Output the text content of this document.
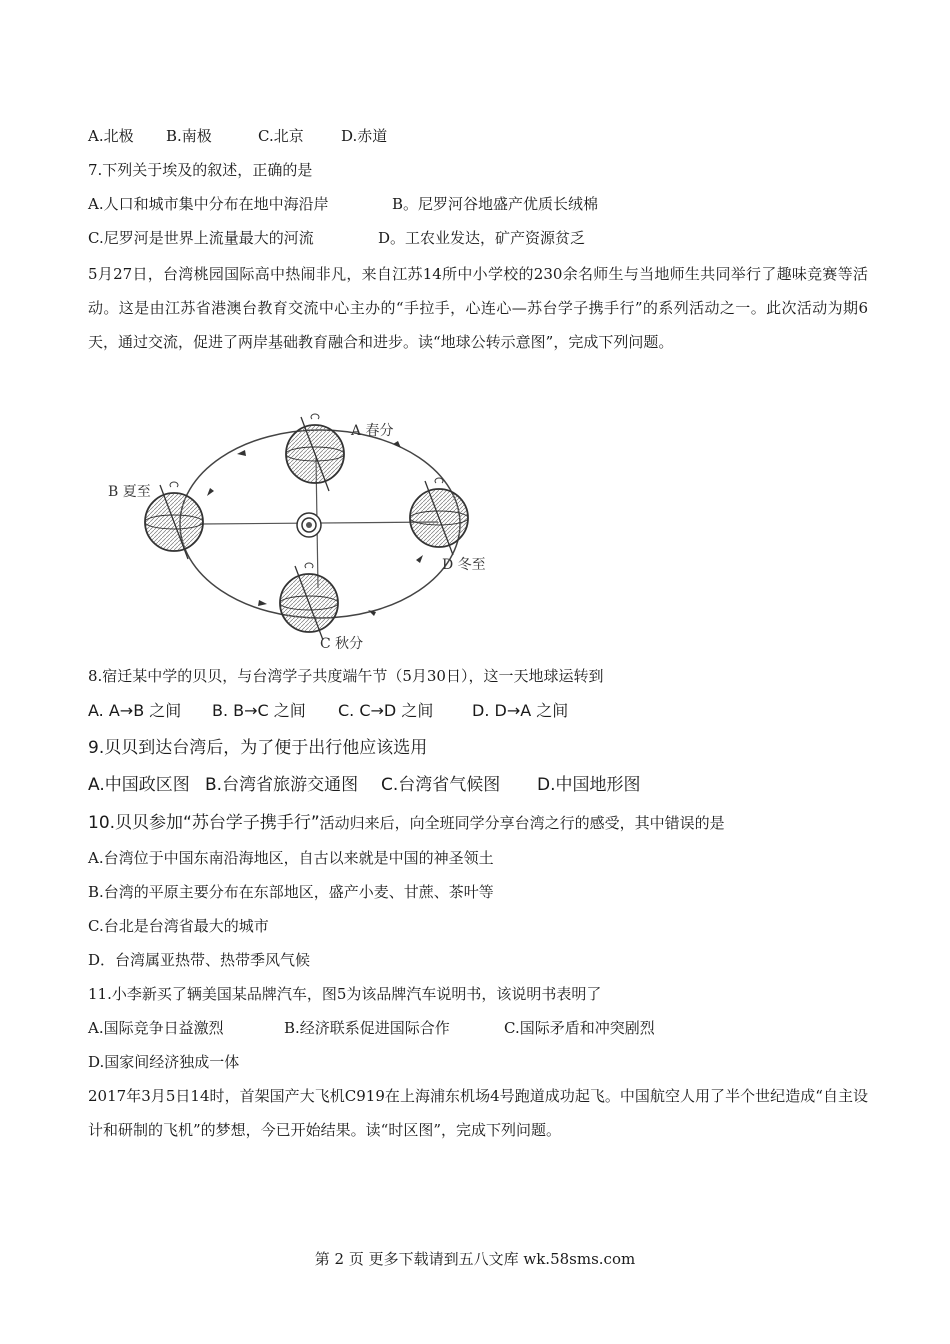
A.北极 B.南极	C.北京 D.赤道
7.下列关于埃及的叙述，正确的是
A.人口和城市集中分布在地中海沿岸	B。尼罗河谷地盛产优质长绒棉
C.尼罗河是世界上流量最大的河流	D。工农业发达，矿产资源贫乏
5月27日，台湾桃园国际高中热闹非凡，来自江苏14所中小学校的230余名师生与当地师生共同举行了趣味竞赛等活动。这是由江苏省港澳台教育交流中心主办的“手拉手，心连心—苏台学子携手行”的系列活动之一。此次活动为期6天，通过交流，促进了两岸基础教育融合和进步。读“地球公转示意图”，完成下列问题。
A 春分
B 夏至
D 冬至
C 秋分
8.宿迁某中学的贝贝，与台湾学子共度端午节（5月30日），这一天地球运转到
A. A→B 之间 B. B→C 之间 C. C→D 之间 D. D→A 之间
9.贝贝到达台湾后，为了便于出行他应该选用
A.中国政区图 B.台湾省旅游交通图 C.台湾省气候图 D.中国地形图
10.贝贝参加“苏台学子携手行”活动归来后，向全班同学分享台湾之行的感受，其中错误的是
A.台湾位于中国东南沿海地区，自古以来就是中国的神圣领土
B.台湾的平原主要分布在东部地区，盛产小麦、甘蔗、茶叶等
C.台北是台湾省最大的城市
D．台湾属亚热带、热带季风气候
11.小李新买了辆美国某品牌汽车，图5为该品牌汽车说明书，该说明书表明了
A.国际竞争日益激烈	B.经济联系促进国际合作	C.国际矛盾和冲突剧烈
D.国家间经济独成一体
2017年3月5日14时，首架国产大飞机C919在上海浦东机场4号跑道成功起飞。中国航空人用了半个世纪造成“自主设计和研制的飞机”的梦想，今已开始结果。读“时区图”，完成下列问题。
第 2 页 更多下载请到五八文库 wk.58sms.com
